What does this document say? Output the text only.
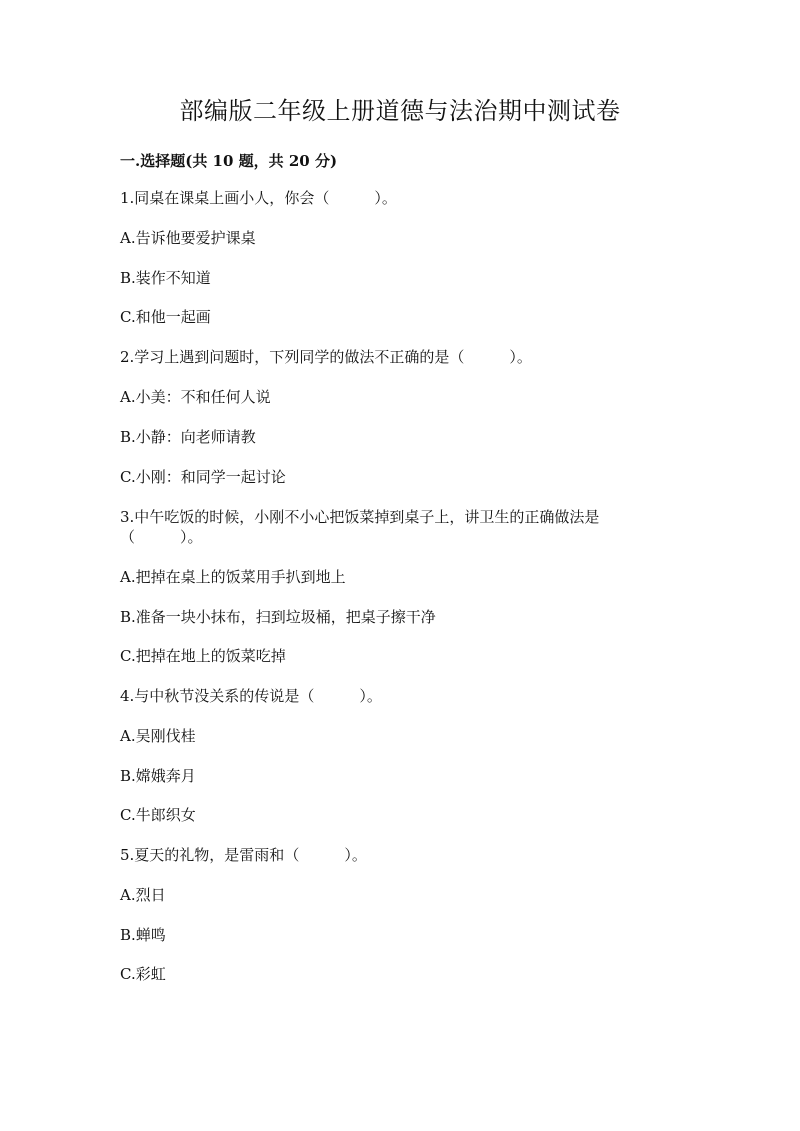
部编版二年级上册道德与法治期中测试卷
一.选择题(共 10 题，共 20 分)
1.同桌在课桌上画小人，你会（　　　）。
A.告诉他要爱护课桌
B.装作不知道
C.和他一起画
2.学习上遇到问题时，下列同学的做法不正确的是（　　　）。
A.小美：不和任何人说
B.小静：向老师请教
C.小刚：和同学一起讨论
3.中午吃饭的时候，小刚不小心把饭菜掉到桌子上，讲卫生的正确做法是
（　　　）。
A.把掉在桌上的饭菜用手扒到地上
B.准备一块小抹布，扫到垃圾桶，把桌子擦干净
C.把掉在地上的饭菜吃掉
4.与中秋节没关系的传说是（　　　）。
A.吴刚伐桂
B.嫦娥奔月
C.牛郎织女
5.夏天的礼物，是雷雨和（　　　）。
A.烈日
B.蝉鸣
C.彩虹
